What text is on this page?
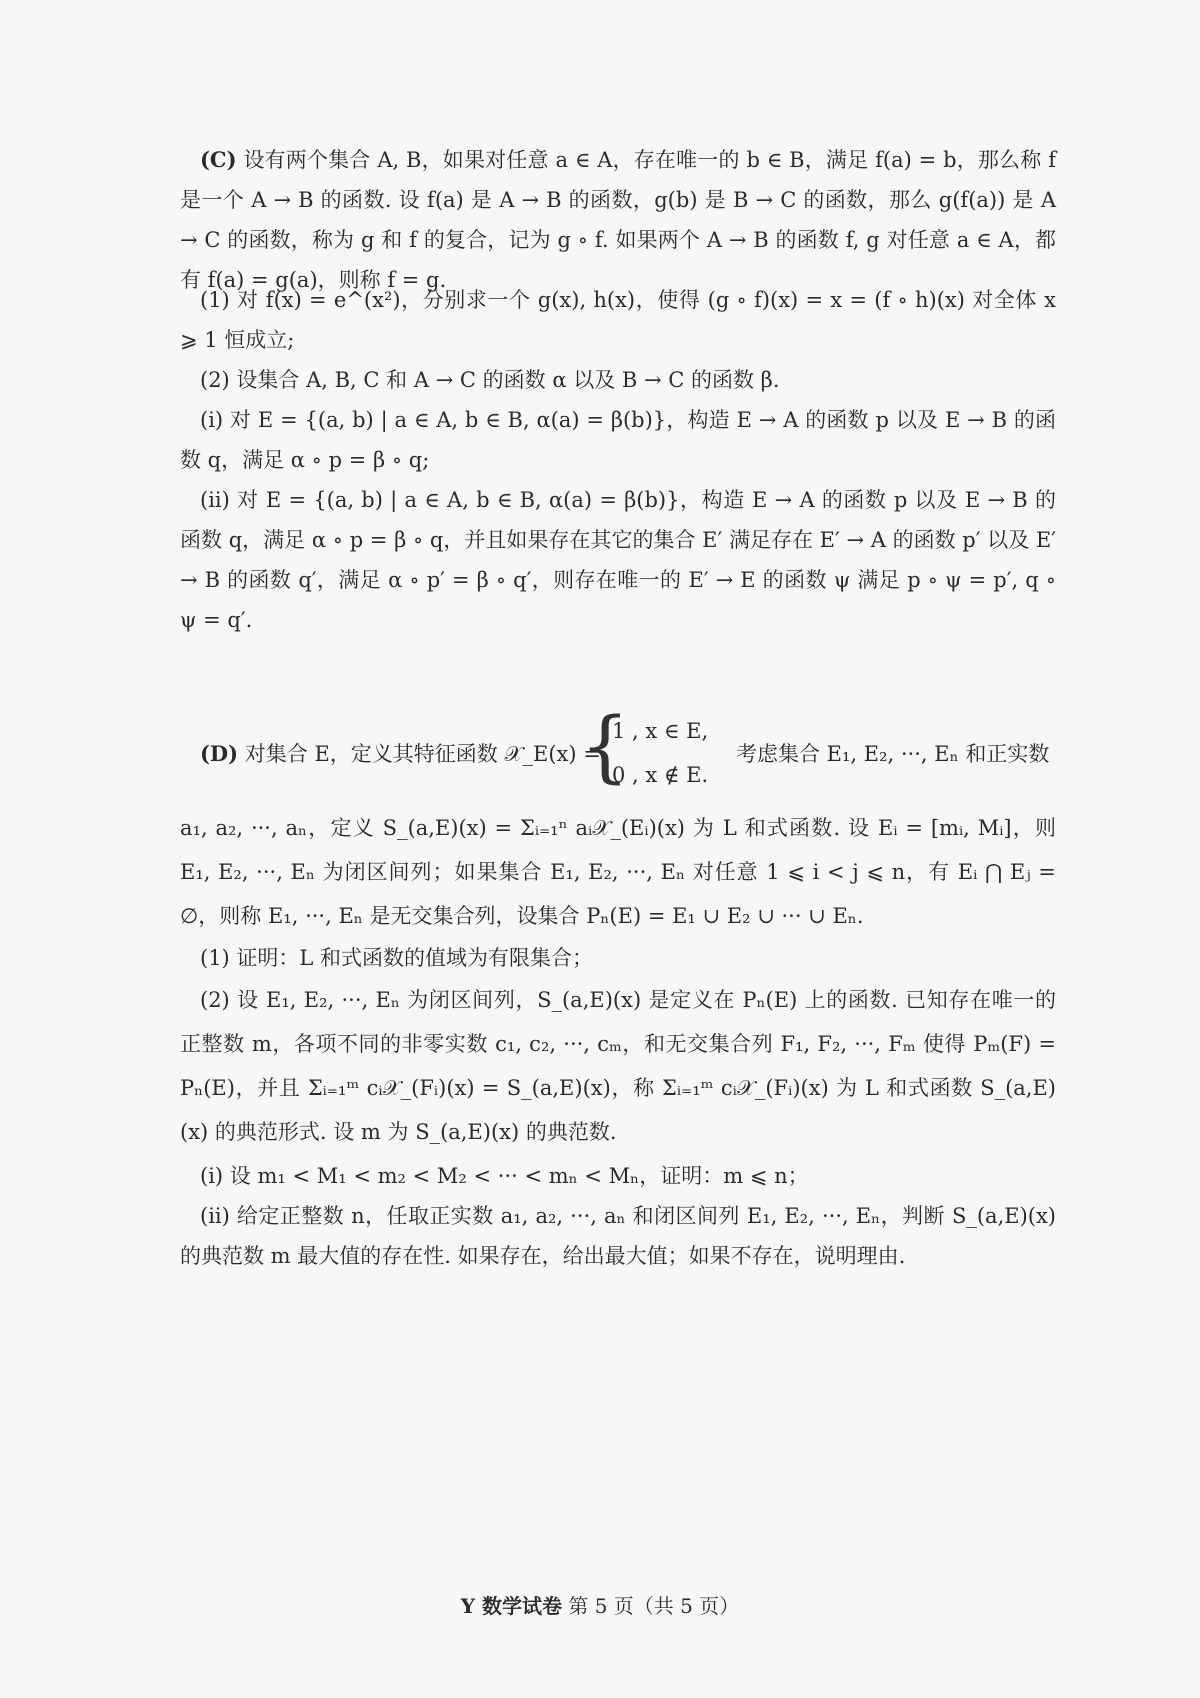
(C) 设有两个集合 A, B，如果对任意 a ∈ A，存在唯一的 b ∈ B，满足 f(a) = b，那么称 f 是一个 A → B 的函数. 设 f(a) 是 A → B 的函数，g(b) 是 B → C 的函数，那么 g(f(a)) 是 A → C 的函数，称为 g 和 f 的复合，记为 g ∘ f. 如果两个 A → B 的函数 f, g 对任意 a ∈ A，都有 f(a) = g(a)，则称 f = g.

(1) 对 f(x) = e^(x²)，分别求一个 g(x), h(x)，使得 (g ∘ f)(x) = x = (f ∘ h)(x) 对全体 x ⩾ 1 恒成立;

(2) 设集合 A, B, C 和 A → C 的函数 α 以及 B → C 的函数 β.

(i) 对 E = {(a, b) | a ∈ A, b ∈ B, α(a) = β(b)}，构造 E → A 的函数 p 以及 E → B 的函数 q，满足 α ∘ p = β ∘ q;

(ii) 对 E = {(a, b) | a ∈ A, b ∈ B, α(a) = β(b)}，构造 E → A 的函数 p 以及 E → B 的函数 q，满足 α ∘ p = β ∘ q，并且如果存在其它的集合 E′ 满足存在 E′ → A 的函数 p′ 以及 E′ → B 的函数 q′，满足 α ∘ p′ = β ∘ q′，则存在唯一的 E′ → E 的函数 ψ 满足 p ∘ ψ = p′, q ∘ ψ = q′.

(D) 对集合 E，定义其特征函数 𝒳_E(x) =
{
1 , x ∈ E,
0 , x ∉ E.
考虑集合 E₁, E₂, ···, Eₙ 和正实数

a₁, a₂, ···, aₙ，定义 S_(a,E)(x) = Σᵢ₌₁ⁿ aᵢ𝒳_(Eᵢ)(x) 为 L 和式函数. 设 Eᵢ = [mᵢ, Mᵢ]，则 E₁, E₂, ···, Eₙ 为闭区间列；如果集合 E₁, E₂, ···, Eₙ 对任意 1 ⩽ i < j ⩽ n，有 Eᵢ ⋂ Eⱼ = ∅，则称 E₁, ···, Eₙ 是无交集合列，设集合 Pₙ(E) = E₁ ∪ E₂ ∪ ··· ∪ Eₙ.

(1) 证明：L 和式函数的值域为有限集合；

(2) 设 E₁, E₂, ···, Eₙ 为闭区间列，S_(a,E)(x) 是定义在 Pₙ(E) 上的函数. 已知存在唯一的正整数 m，各项不同的非零实数 c₁, c₂, ···, cₘ，和无交集合列 F₁, F₂, ···, Fₘ 使得 Pₘ(F) = Pₙ(E)，并且 Σᵢ₌₁ᵐ cᵢ𝒳_(Fᵢ)(x) = S_(a,E)(x)，称 Σᵢ₌₁ᵐ cᵢ𝒳_(Fᵢ)(x) 为 L 和式函数 S_(a,E)(x) 的典范形式. 设 m 为 S_(a,E)(x) 的典范数.

(i) 设 m₁ < M₁ < m₂ < M₂ < ··· < mₙ < Mₙ，证明：m ⩽ n；

(ii) 给定正整数 n，任取正实数 a₁, a₂, ···, aₙ 和闭区间列 E₁, E₂, ···, Eₙ，判断 S_(a,E)(x) 的典范数 m 最大值的存在性. 如果存在，给出最大值；如果不存在，说明理由.

Y 数学试卷 第 5 页（共 5 页）
